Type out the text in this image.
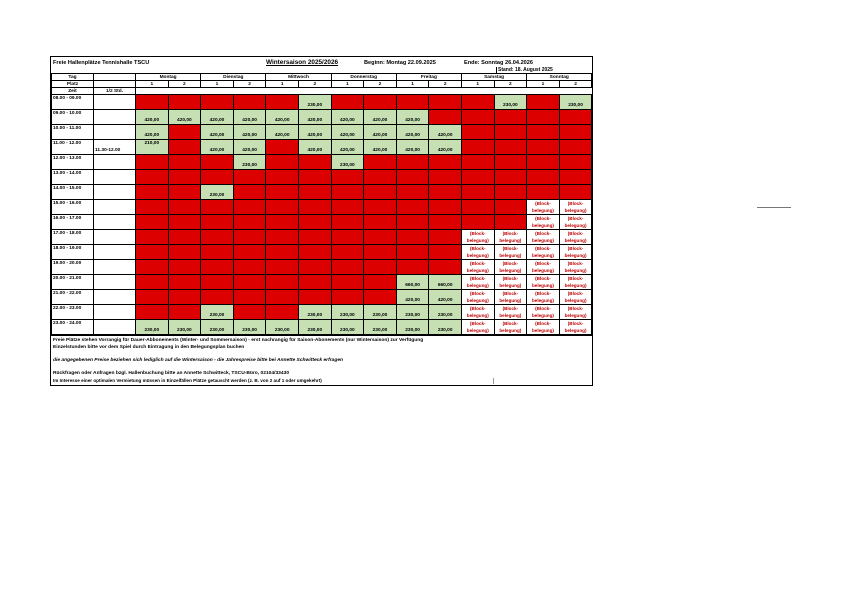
Freie Hallenplätze Tennishalle TSCU	Wintersaison 2025/2026	Beginn: Montag 22.09.2025	Ende: Sonntag 26.04.2026
Stand: 18. August 2025
Tag		Montag		Dienstag		Mittwoch		Donnerstag		Freitag		Samstag		Sonntag	
Platz		1	2	1	2	1	2	1	2	1	2	1	2	1	2
Zeit	1/2 Std.														

08.00 - 09.00							230,00						230,00		230,00

09.00 - 10.00		420,00	420,00	420,00	420,00	420,00	420,00	420,00	420,00	420,00					

10.00 - 11.00		420,00		420,00	420,00	420,00	420,00	420,00	420,00	420,00	420,00				

11.00 - 12.00	11.30-12.00	210,00		420,00	420,00		420,00	420,00	420,00	420,00	420,00				

12.00 - 13.00					230,00			230,00							

13.00 - 14.00															

14.00 - 15.00				230,00											

15.00 - 16.00														(Block-
belegung)	(Block-
belegung)

16.00 - 17.00														(Block-
belegung)	(Block-
belegung)

17.00 - 18.00												(Block-
belegung)	(Block-
belegung)	(Block-
belegung)	(Block-
belegung)

18.00 - 19.00												(Block-
belegung)	(Block-
belegung)	(Block-
belegung)	(Block-
belegung)

19.00 - 20.00												(Block-
belegung)	(Block-
belegung)	(Block-
belegung)	(Block-
belegung)

20.00 - 21.00										660,00	660,00	(Block-
belegung)	(Block-
belegung)	(Block-
belegung)	(Block-
belegung)

21.00 - 22.00										420,00	420,00	(Block-
belegung)	(Block-
belegung)	(Block-
belegung)	(Block-
belegung)

22.00 - 23.00				230,00			230,00	230,00	230,00	230,00	230,00	(Block-
belegung)	(Block-
belegung)	(Block-
belegung)	(Block-
belegung)

23.00 - 24.00		230,00	230,00	230,00	230,00	230,00	230,00	230,00	230,00	230,00	230,00	(Block-
belegung)	(Block-
belegung)	(Block-
belegung)	(Block-
belegung)
Freie Plätze stehen Vorrangig für Dauer-Abbonements (Winter- und Sommersaison) - erst nachrangig für Saison-Abonements (nur Wintersaison) zur Verfügung
Einzelstunden bitte vor dem Spiel durch Eintragung in den Belegungsplan buchen
die angegebenen Preise beziehen sich lediglich auf die Wintersaison - die Jahrespreise bitte bei Annette Schwitteck erfragen
Rückfragen oder Anfragen bzgl. Hallenbuchung bitte an Annette Schwitteck, TSCU-Büro, 02104/33430
Im Interesse einer optimalen Vermietung müssen in Einzelfällen Plätze getauscht werden (z. B. von 2 auf 1 oder umgekehrt)
